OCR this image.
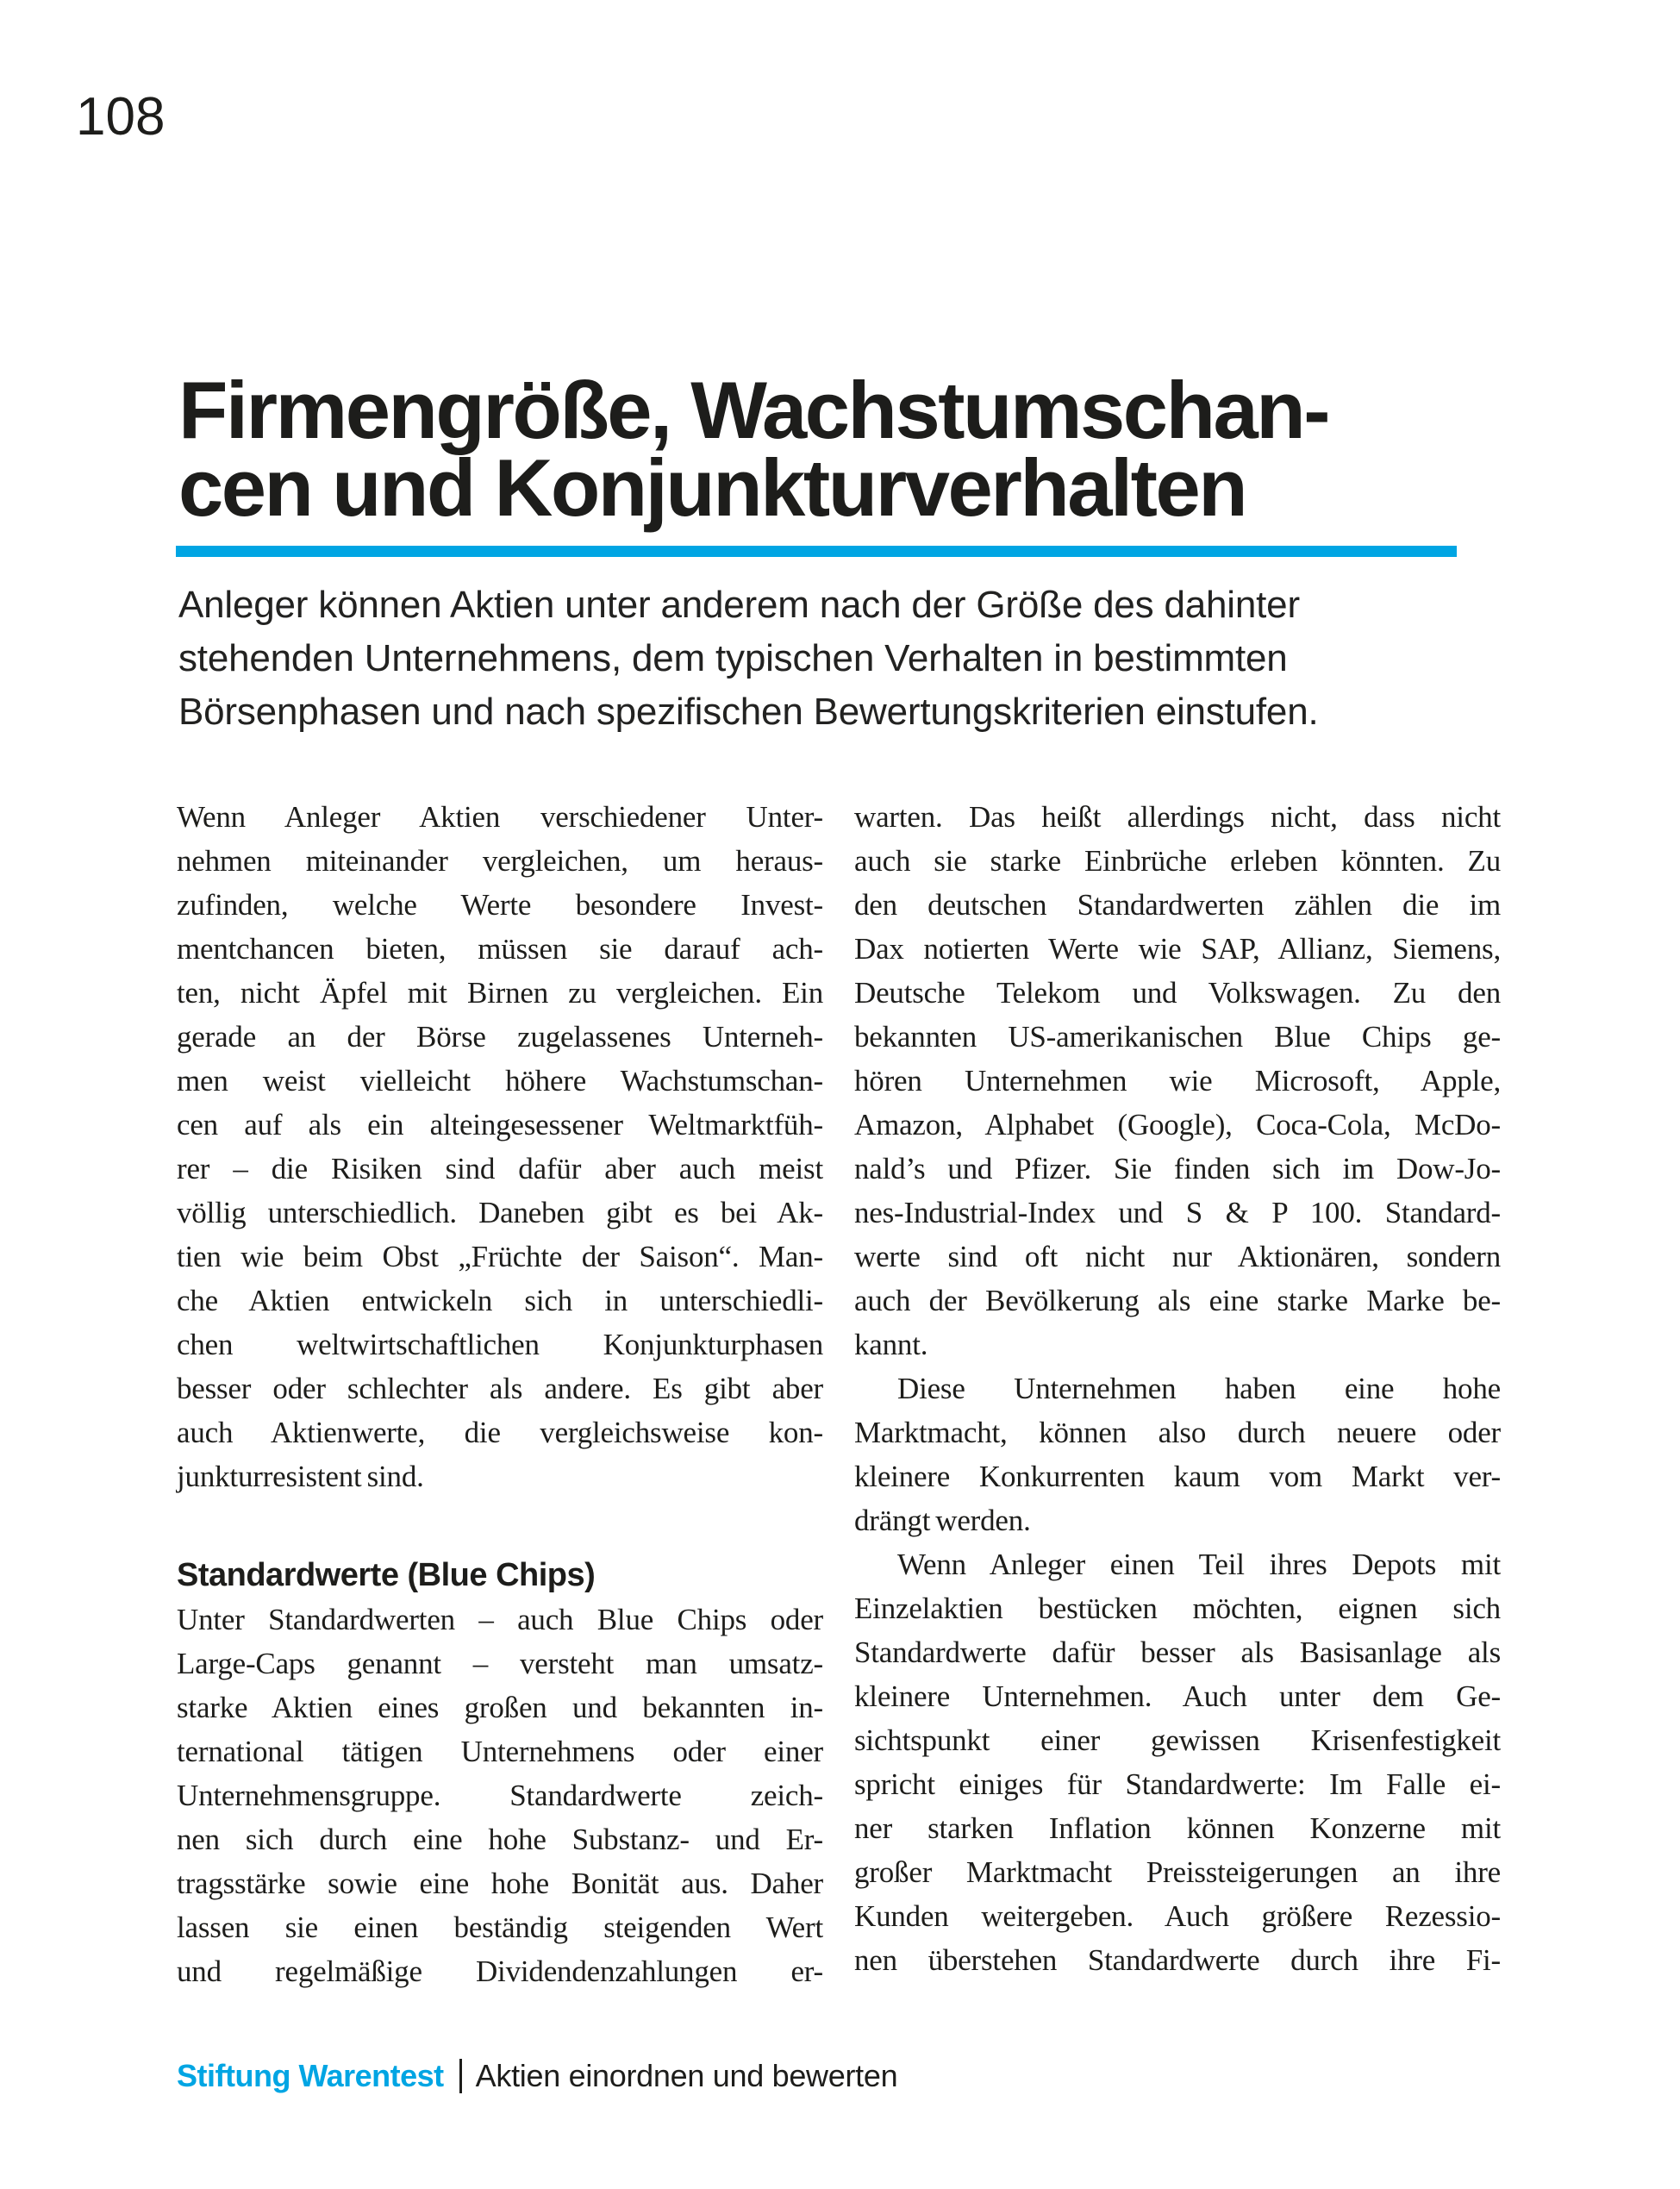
108
Firmengröße, Wachstumschan-
cen und Konjunkturverhalten
Anleger können Aktien unter anderem nach der Größe des dahinter
stehenden Unternehmens, dem typischen Verhalten in bestimmten
Börsenphasen und nach spezifischen Bewertungskriterien einstufen.
Wenn Anleger Aktien verschiedener Unter-
nehmen miteinander vergleichen, um heraus-
zufinden, welche Werte besondere Invest-
mentchancen bieten, müssen sie darauf ach-
ten, nicht Äpfel mit Birnen zu vergleichen. Ein
gerade an der Börse zugelassenes Unterneh-
men weist vielleicht höhere Wachstumschan-
cen auf als ein alteingesessener Weltmarktfüh-
rer – die Risiken sind dafür aber auch meist
völlig unterschiedlich. Daneben gibt es bei Ak-
tien wie beim Obst „Früchte der Saison“. Man-
che Aktien entwickeln sich in unterschiedli-
chen weltwirtschaftlichen Konjunkturphasen
besser oder schlechter als andere. Es gibt aber
auch Aktienwerte, die vergleichsweise kon-
junkturresistent sind.
Standardwerte (Blue Chips)
Unter Standardwerten – auch Blue Chips oder
Large-Caps genannt – versteht man umsatz-
starke Aktien eines großen und bekannten in-
ternational tätigen Unternehmens oder einer
Unternehmensgruppe. Standardwerte zeich-
nen sich durch eine hohe Substanz- und Er-
tragsstärke sowie eine hohe Bonität aus. Daher
lassen sie einen beständig steigenden Wert
und regelmäßige Dividendenzahlungen er-
warten. Das heißt allerdings nicht, dass nicht
auch sie starke Einbrüche erleben könnten. Zu
den deutschen Standardwerten zählen die im
Dax notierten Werte wie SAP, Allianz, Siemens,
Deutsche Telekom und Volkswagen. Zu den
bekannten US-amerikanischen Blue Chips ge-
hören Unternehmen wie Microsoft, Apple,
Amazon, Alphabet (Google), Coca-Cola, McDo-
nald’s und Pfizer. Sie finden sich im Dow-Jo-
nes-Industrial-Index und S & P 100. Standard-
werte sind oft nicht nur Aktionären, sondern
auch der Bevölkerung als eine starke Marke be-
kannt.
Diese Unternehmen haben eine hohe
Marktmacht, können also durch neuere oder
kleinere Konkurrenten kaum vom Markt ver-
drängt werden.
Wenn Anleger einen Teil ihres Depots mit
Einzelaktien bestücken möchten, eignen sich
Standardwerte dafür besser als Basisanlage als
kleinere Unternehmen. Auch unter dem Ge-
sichtspunkt einer gewissen Krisenfestigkeit
spricht einiges für Standardwerte: Im Falle ei-
ner starken Inflation können Konzerne mit
großer Marktmacht Preissteigerungen an ihre
Kunden weitergeben. Auch größere Rezessio-
nen überstehen Standardwerte durch ihre Fi-
Stiftung Warentest Aktien einordnen und bewerten
